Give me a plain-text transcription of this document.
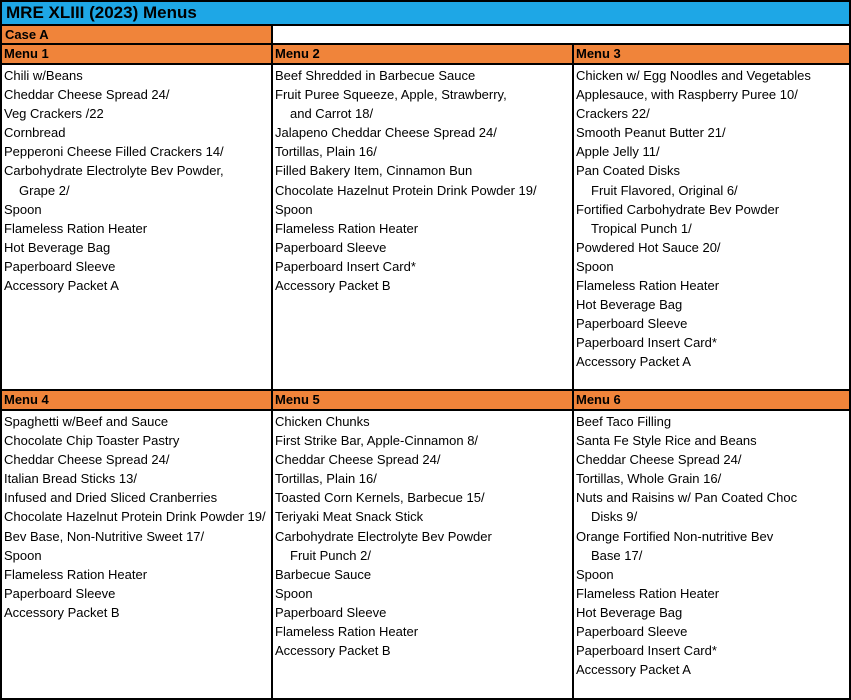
MRE XLIII (2023) Menus
Case A
Menu 1
Chili w/Beans
Cheddar Cheese Spread 24/
Veg Crackers /22
Cornbread
Pepperoni Cheese Filled Crackers 14/
Carbohydrate Electrolyte Bev Powder,
Grape 2/
Spoon
Flameless Ration Heater
Hot Beverage Bag
Paperboard Sleeve
Accessory Packet A
Menu 2
Beef Shredded in Barbecue Sauce
Fruit Puree Squeeze, Apple, Strawberry,
and Carrot 18/
Jalapeno Cheddar Cheese Spread 24/
Tortillas, Plain 16/
Filled Bakery Item, Cinnamon Bun
Chocolate Hazelnut Protein Drink Powder 19/
Spoon
Flameless Ration Heater
Paperboard Sleeve
Paperboard Insert Card*
Accessory Packet B
Menu 3
Chicken w/ Egg Noodles and Vegetables
Applesauce, with Raspberry Puree 10/
Crackers 22/
Smooth Peanut Butter 21/
Apple Jelly 11/
Pan Coated Disks
Fruit Flavored, Original 6/
Fortified Carbohydrate Bev Powder
Tropical Punch 1/
Powdered Hot Sauce 20/
Spoon
Flameless Ration Heater
Hot Beverage Bag
Paperboard Sleeve
Paperboard Insert Card*
Accessory Packet A
Menu 4
Spaghetti w/Beef and Sauce
Chocolate Chip Toaster Pastry
Cheddar Cheese Spread 24/
Italian Bread Sticks 13/
Infused and Dried Sliced Cranberries
Chocolate Hazelnut Protein Drink Powder 19/
Bev Base, Non-Nutritive Sweet 17/
Spoon
Flameless Ration Heater
Paperboard Sleeve
Accessory Packet B
Menu 5
Chicken Chunks
First Strike Bar, Apple-Cinnamon 8/
Cheddar Cheese Spread 24/
Tortillas, Plain 16/
Toasted Corn Kernels, Barbecue 15/
Teriyaki Meat Snack Stick
Carbohydrate Electrolyte Bev Powder
Fruit Punch 2/
Barbecue Sauce
Spoon
Paperboard Sleeve
Flameless Ration Heater
Accessory Packet B
Menu 6
Beef Taco Filling
Santa Fe Style Rice and Beans
Cheddar Cheese Spread 24/
Tortillas, Whole Grain 16/
Nuts and Raisins w/ Pan Coated Choc
Disks 9/
Orange Fortified Non-nutritive Bev
Base 17/
Spoon
Flameless Ration Heater
Hot Beverage Bag
Paperboard Sleeve
Paperboard Insert Card*
Accessory Packet A
